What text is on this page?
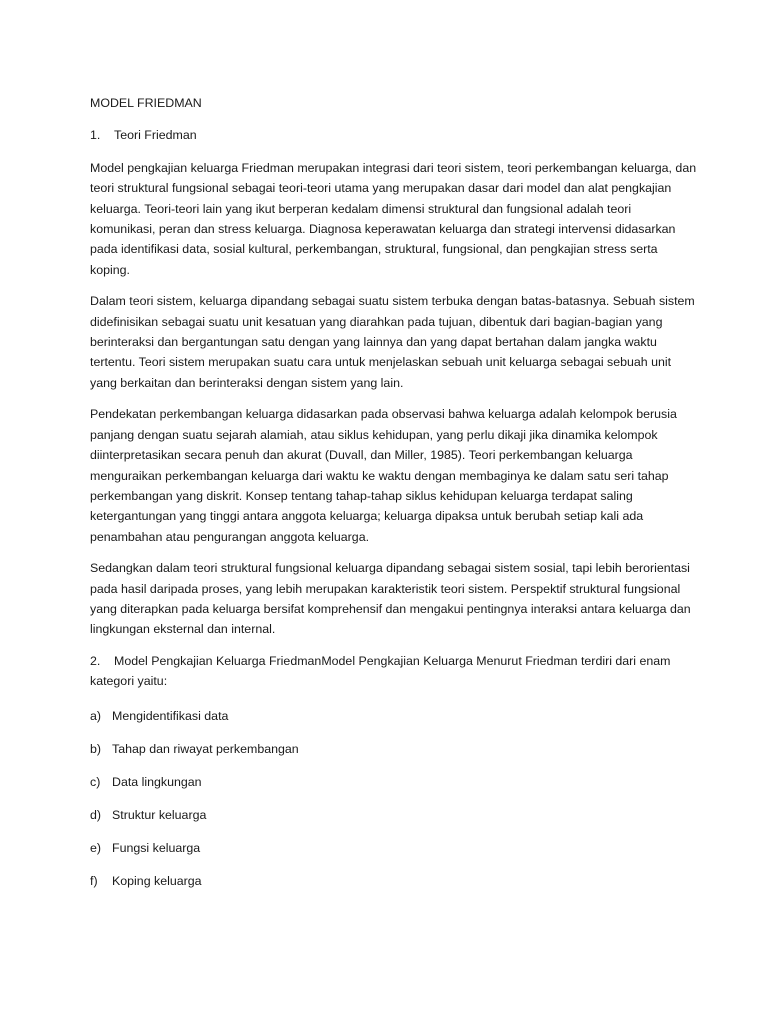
MODEL FRIEDMAN
1. Teori Friedman

Model pengkajian keluarga Friedman merupakan integrasi dari teori sistem, teori perkembangan keluarga, dan teori struktural fungsional sebagai teori-teori utama yang merupakan dasar dari model dan alat pengkajian keluarga. Teori-teori lain yang ikut berperan kedalam dimensi struktural dan fungsional adalah teori komunikasi, peran dan stress keluarga. Diagnosa keperawatan keluarga dan strategi intervensi didasarkan pada identifikasi data, sosial kultural, perkembangan, struktural, fungsional, dan pengkajian stress serta koping.

Dalam teori sistem, keluarga dipandang sebagai suatu sistem terbuka dengan batas-batasnya. Sebuah sistem didefinisikan sebagai suatu unit kesatuan yang diarahkan pada tujuan, dibentuk dari bagian-bagian yang berinteraksi dan bergantungan satu dengan yang lainnya dan yang dapat bertahan dalam jangka waktu tertentu. Teori sistem merupakan suatu cara untuk menjelaskan sebuah unit keluarga sebagai sebuah unit yang berkaitan dan berinteraksi dengan sistem yang lain.

Pendekatan perkembangan keluarga didasarkan pada observasi bahwa keluarga adalah kelompok berusia panjang dengan suatu sejarah alamiah, atau siklus kehidupan, yang perlu dikaji jika dinamika kelompok diinterpretasikan secara penuh dan akurat (Duvall, dan Miller, 1985). Teori perkembangan keluarga menguraikan perkembangan keluarga dari waktu ke waktu dengan membaginya ke dalam satu seri tahap perkembangan yang diskrit. Konsep tentang tahap-tahap siklus kehidupan keluarga terdapat saling ketergantungan yang tinggi antara anggota keluarga; keluarga dipaksa untuk berubah setiap kali ada penambahan atau pengurangan anggota keluarga.

Sedangkan dalam teori struktural fungsional keluarga dipandang sebagai sistem sosial, tapi lebih berorientasi pada hasil daripada proses, yang lebih merupakan karakteristik teori sistem. Perspektif struktural fungsional yang diterapkan pada keluarga bersifat komprehensif dan mengakui pentingnya interaksi antara keluarga dan lingkungan eksternal dan internal.

2. Model Pengkajian Keluarga FriedmanModel Pengkajian Keluarga Menurut Friedman terdiri dari enam kategori yaitu:
a) Mengidentifikasi data
b) Tahap dan riwayat perkembangan
c) Data lingkungan
d) Struktur keluarga
e) Fungsi keluarga
f) Koping keluarga
